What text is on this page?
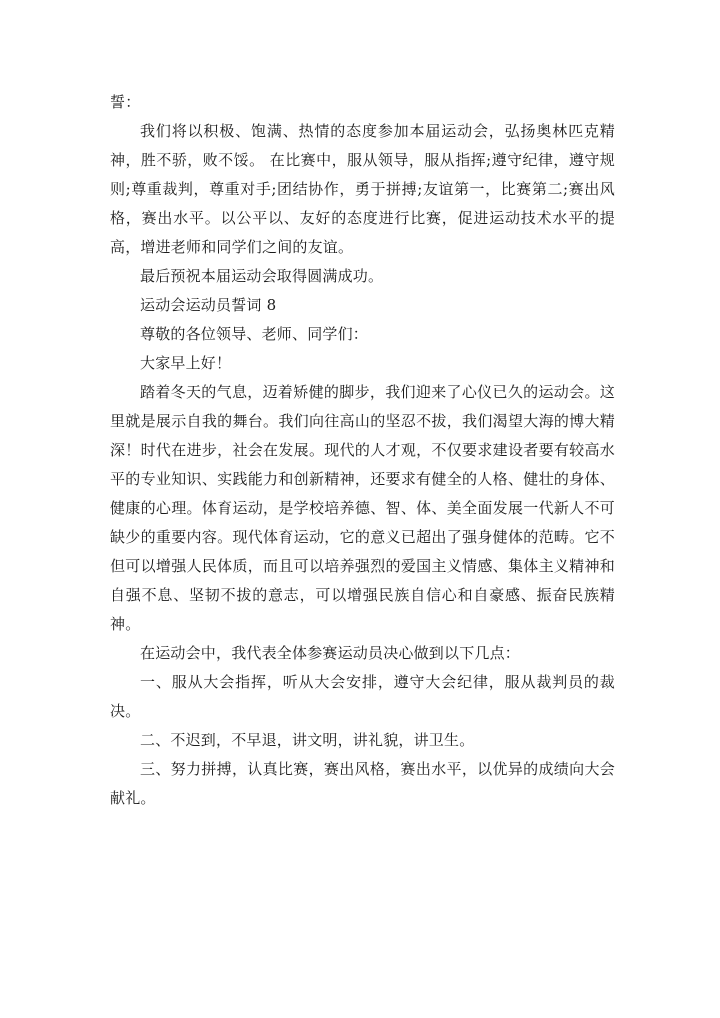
誓：

我们将以积极、饱满、热情的态度参加本届运动会，弘扬奥林匹克精神，胜不骄，败不馁。 在比赛中，服从领导，服从指挥;遵守纪律，遵守规则;尊重裁判，尊重对手;团结协作，勇于拼搏;友谊第一，比赛第二;赛出风格，赛出水平。以公平以、友好的态度进行比赛，促进运动技术水平的提高，增进老师和同学们之间的友谊。

最后预祝本届运动会取得圆满成功。

运动会运动员誓词 8

尊敬的各位领导、老师、同学们：

大家早上好！

踏着冬天的气息，迈着矫健的脚步，我们迎来了心仪已久的运动会。这里就是展示自我的舞台。我们向往高山的坚忍不拔，我们渴望大海的博大精深！时代在进步，社会在发展。现代的人才观，不仅要求建设者要有较高水平的专业知识、实践能力和创新精神，还要求有健全的人格、健壮的身体、健康的心理。体育运动，是学校培养德、智、体、美全面发展一代新人不可缺少的重要内容。现代体育运动，它的意义已超出了强身健体的范畴。它不但可以增强人民体质，而且可以培养强烈的爱国主义情感、集体主义精神和自强不息、坚韧不拔的意志，可以增强民族自信心和自豪感、振奋民族精神。

在运动会中，我代表全体参赛运动员决心做到以下几点：

一、服从大会指挥，听从大会安排，遵守大会纪律，服从裁判员的裁决。

二、不迟到，不早退，讲文明，讲礼貌，讲卫生。

三、努力拼搏，认真比赛，赛出风格，赛出水平，以优异的成绩向大会献礼。
